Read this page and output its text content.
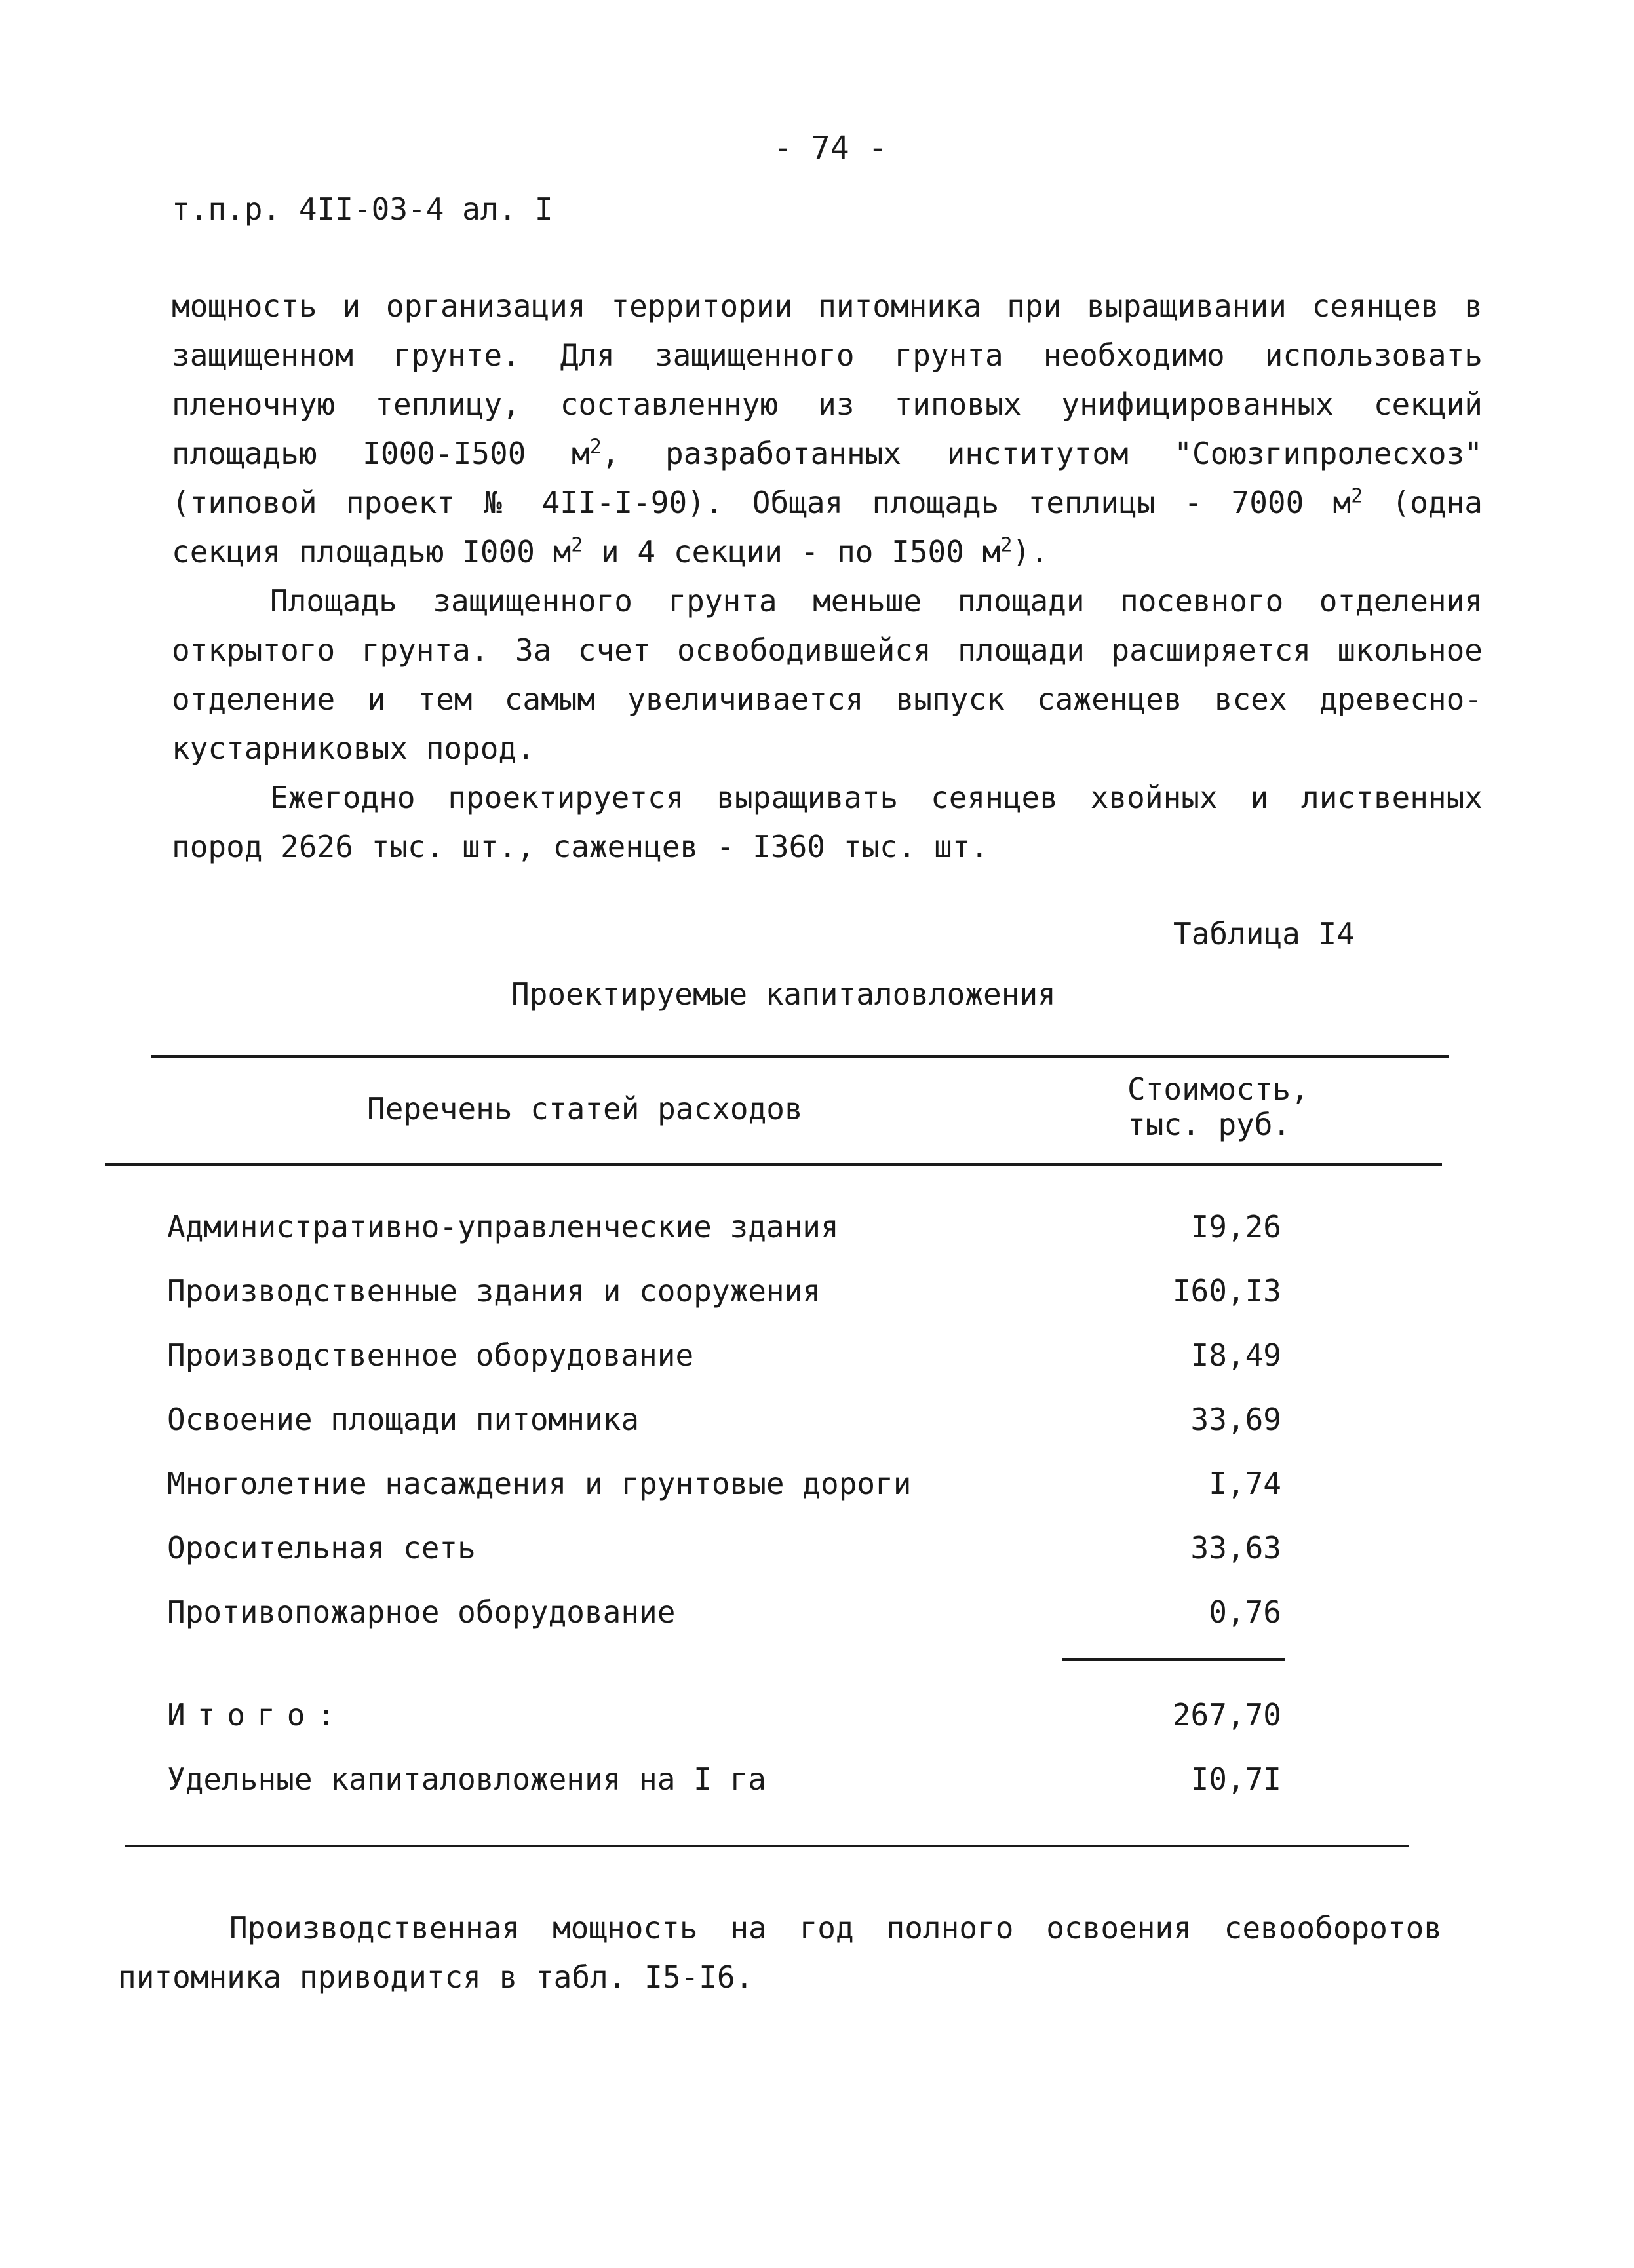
- 74 -
т.п.р. 4II-03-4 ал. I

мощность и организация территории питомника при выращивании сеянцев в защищенном грунте. Для защищенного грунта необходимо использовать пленочную теплицу, составленную из типовых унифицированных секций площадью I000-I500 $м^2$, разработанных институтом "Союзгипролесхоз" (типовой проект № 4II-I-90). Общая площадь теплицы - 7000 $м^2$ (одна секция площадью I000 $м^2$ и 4 секции - по I500 $м^2$).

Площадь защищенного грунта меньше площади посевного отделения открытого грунта. За счет освободившейся площади расширяется школьное отделение и тем самым увеличивается выпуск саженцев всех древесно-кустарниковых пород.

Ежегодно проектируется выращивать сеянцев хвойных и лиственных пород 2626 тыс. шт., саженцев - I360 тыс. шт.

Таблица I4
Проектируемые капиталовложения
Перечень статей расходов
Стоимость,
тыс. руб.
Административно-управленческие здания	I9,26
Производственные здания и сооружения	I60,I3
Производственное оборудование	I8,49
Освоение площади питомника	33,69
Многолетние насаждения и грунтовые дороги	I,74
Оросительная сеть	33,63
Противопожарное оборудование	0,76
Итого:	267,70
Удельные капиталовложения на I га	I0,7I

Производственная мощность на год полного освоения севооборотов питомника приводится в табл. I5-I6.
